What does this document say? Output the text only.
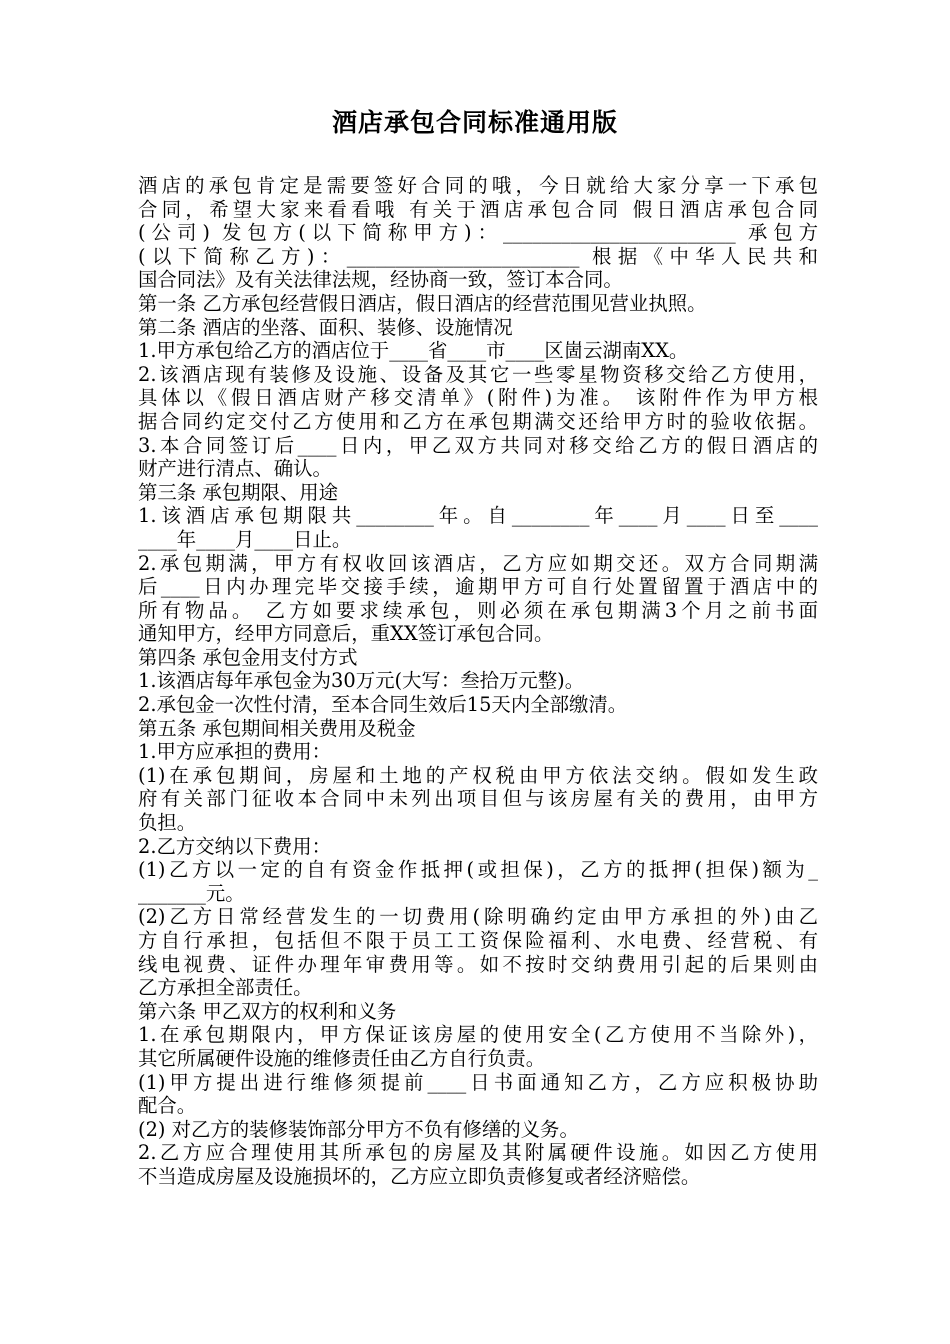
酒店承包合同标准通用版
酒店的承包肯定是需要签好合同的哦，今日就给大家分享一下承包
合同，希望大家来看看哦 有关于酒店承包合同 假日酒店承包合同
(公司) 发包方(以下简称甲方)：________________________ 承包方
(以下简称乙方)：________________________ 根据《中华人民共和
国合同法》及有关法律法规，经协商一致，签订本合同。
第一条 乙方承包经营假日酒店，假日酒店的经营范围见营业执照。
第二条 酒店的坐落、面积、装修、设施情况
1.甲方承包给乙方的酒店位于____省____市____区崮云湖南XX。
2.该酒店现有装修及设施、设备及其它一些零星物资移交给乙方使用，
具体以《假日酒店财产移交清单》(附件)为准。 该附件作为甲方根
据合同约定交付乙方使用和乙方在承包期满交还给甲方时的验收依据。
3.本合同签订后____日内，甲乙双方共同对移交给乙方的假日酒店的
财产进行清点、确认。
第三条 承包期限、用途
1.该酒店承包期限共________年。自________年____月____日至____
____年____月____日止。
2.承包期满，甲方有权收回该酒店，乙方应如期交还。双方合同期满
后____日内办理完毕交接手续，逾期甲方可自行处置留置于酒店中的
所有物品。 乙方如要求续承包，则必须在承包期满3个月之前书面
通知甲方，经甲方同意后，重XX签订承包合同。
第四条 承包金用支付方式
1.该酒店每年承包金为30万元(大写：叁拾万元整)。
2.承包金一次性付清，至本合同生效后15天内全部缴清。
第五条 承包期间相关费用及税金
1.甲方应承担的费用：
(1)在承包期间，房屋和土地的产权税由甲方依法交纳。假如发生政
府有关部门征收本合同中未列出项目但与该房屋有关的费用，由甲方
负担。
2.乙方交纳以下费用：
(1)乙方以一定的自有资金作抵押(或担保)，乙方的抵押(担保)额为_
_______元。
(2)乙方日常经营发生的一切费用(除明确约定由甲方承担的外)由乙
方自行承担，包括但不限于员工工资保险福利、水电费、经营税、有
线电视费、证件办理年审费用等。如不按时交纳费用引起的后果则由
乙方承担全部责任。
第六条 甲乙双方的权利和义务
1.在承包期限内，甲方保证该房屋的使用安全(乙方使用不当除外)，
其它所属硬件设施的维修责任由乙方自行负责。
(1)甲方提出进行维修须提前____日书面通知乙方，乙方应积极协助
配合。
(2) 对乙方的装修装饰部分甲方不负有修缮的义务。
2.乙方应合理使用其所承包的房屋及其附属硬件设施。如因乙方使用
不当造成房屋及设施损坏的，乙方应立即负责修复或者经济赔偿。
